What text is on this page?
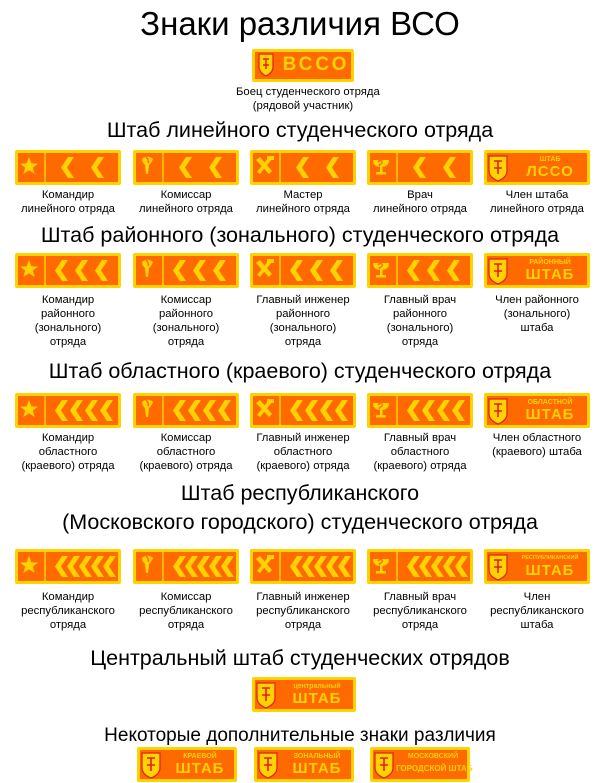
Знаки различия ВСО
ВССО
Боец студенческого отряда
(рядовой участник)
Штаб линейного студенческого отряда
Штаб районного (зонального) студенческого отряда
Штаб областного (краевого) студенческого отряда
Штаб республиканского
(Московского городского) студенческого отряда
Центральный штаб студенческих отрядов
Некоторые дополнительные знаки различия
Командир
линейного отряда
Комиссар
линейного отряда
Мастер
линейного отряда
Врач
линейного отряда
ШТАБ
ЛССО
Член штаба
линейного отряда
Командир
районного
(зонального)
отряда
Комиссар
районного
(зонального)
отряда
Главный инженер
районного
(зонального)
отряда
Главный врач
районного
(зонального)
отряда
РАЙОННЫЙ
ШТАБ
Член районного
(зонального)
штаба
Командир
областного
(краевого) отряда
Комиссар
областного
(краевого) отряда
Главный инженер
областного
(краевого) отряда
Главный врач
областного
(краевого) отряда
ОБЛАСТНОЙ
ШТАБ
Член областного
(краевого) штаба
Командир
республиканского
отряда
Комиссар
республиканского
отряда
Главный инженер
республиканского
отряда
Главный врач
республиканского
отряда
РЕСПУБЛИКАНСКИЙ
ШТАБ
Член
республиканского
штаба
центральный
ШТАБ
КРАЕВОЙ
ШТАБ
ЗОНАЛЬНЫЙ
ШТАБ
МОСКОВСКИЙ
ГОРОДСКОЙ ШТАБ
